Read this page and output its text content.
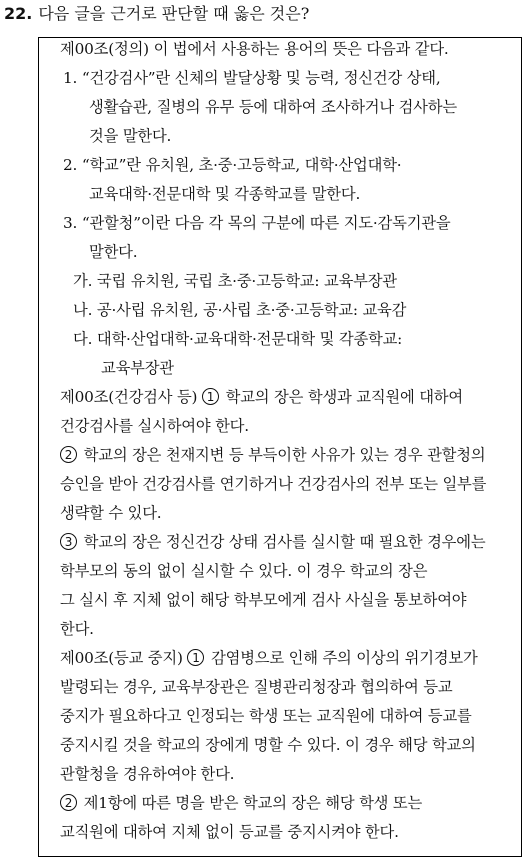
22. 다음 글을 근거로 판단할 때 옳은 것은?
제00조(정의) 이 법에서 사용하는 용어의 뜻은 다음과 같다.
1. “건강검사”란 신체의 발달상황 및 능력, 정신건강 상태,
생활습관, 질병의 유무 등에 대하여 조사하거나 검사하는
것을 말한다.
2. “학교”란 유치원, 초·중·고등학교, 대학·산업대학·
교육대학·전문대학 및 각종학교를 말한다.
3. “관할청”이란 다음 각 목의 구분에 따른 지도·감독기관을
말한다.
가. 국립 유치원, 국립 초·중·고등학교: 교육부장관
나. 공·사립 유치원, 공·사립 초·중·고등학교: 교육감
다. 대학·산업대학·교육대학·전문대학 및 각종학교:
교육부장관
제00조(건강검사 등) 1 학교의 장은 학생과 교직원에 대하여
건강검사를 실시하여야 한다.
2 학교의 장은 천재지변 등 부득이한 사유가 있는 경우 관할청의
승인을 받아 건강검사를 연기하거나 건강검사의 전부 또는 일부를
생략할 수 있다.
3 학교의 장은 정신건강 상태 검사를 실시할 때 필요한 경우에는
학부모의 동의 없이 실시할 수 있다. 이 경우 학교의 장은
그 실시 후 지체 없이 해당 학부모에게 검사 사실을 통보하여야
한다.
제00조(등교 중지) 1 감염병으로 인해 주의 이상의 위기경보가
발령되는 경우, 교육부장관은 질병관리청장과 협의하여 등교
중지가 필요하다고 인정되는 학생 또는 교직원에 대하여 등교를
중지시킬 것을 학교의 장에게 명할 수 있다. 이 경우 해당 학교의
관할청을 경유하여야 한다.
2 제1항에 따른 명을 받은 학교의 장은 해당 학생 또는
교직원에 대하여 지체 없이 등교를 중지시켜야 한다.
